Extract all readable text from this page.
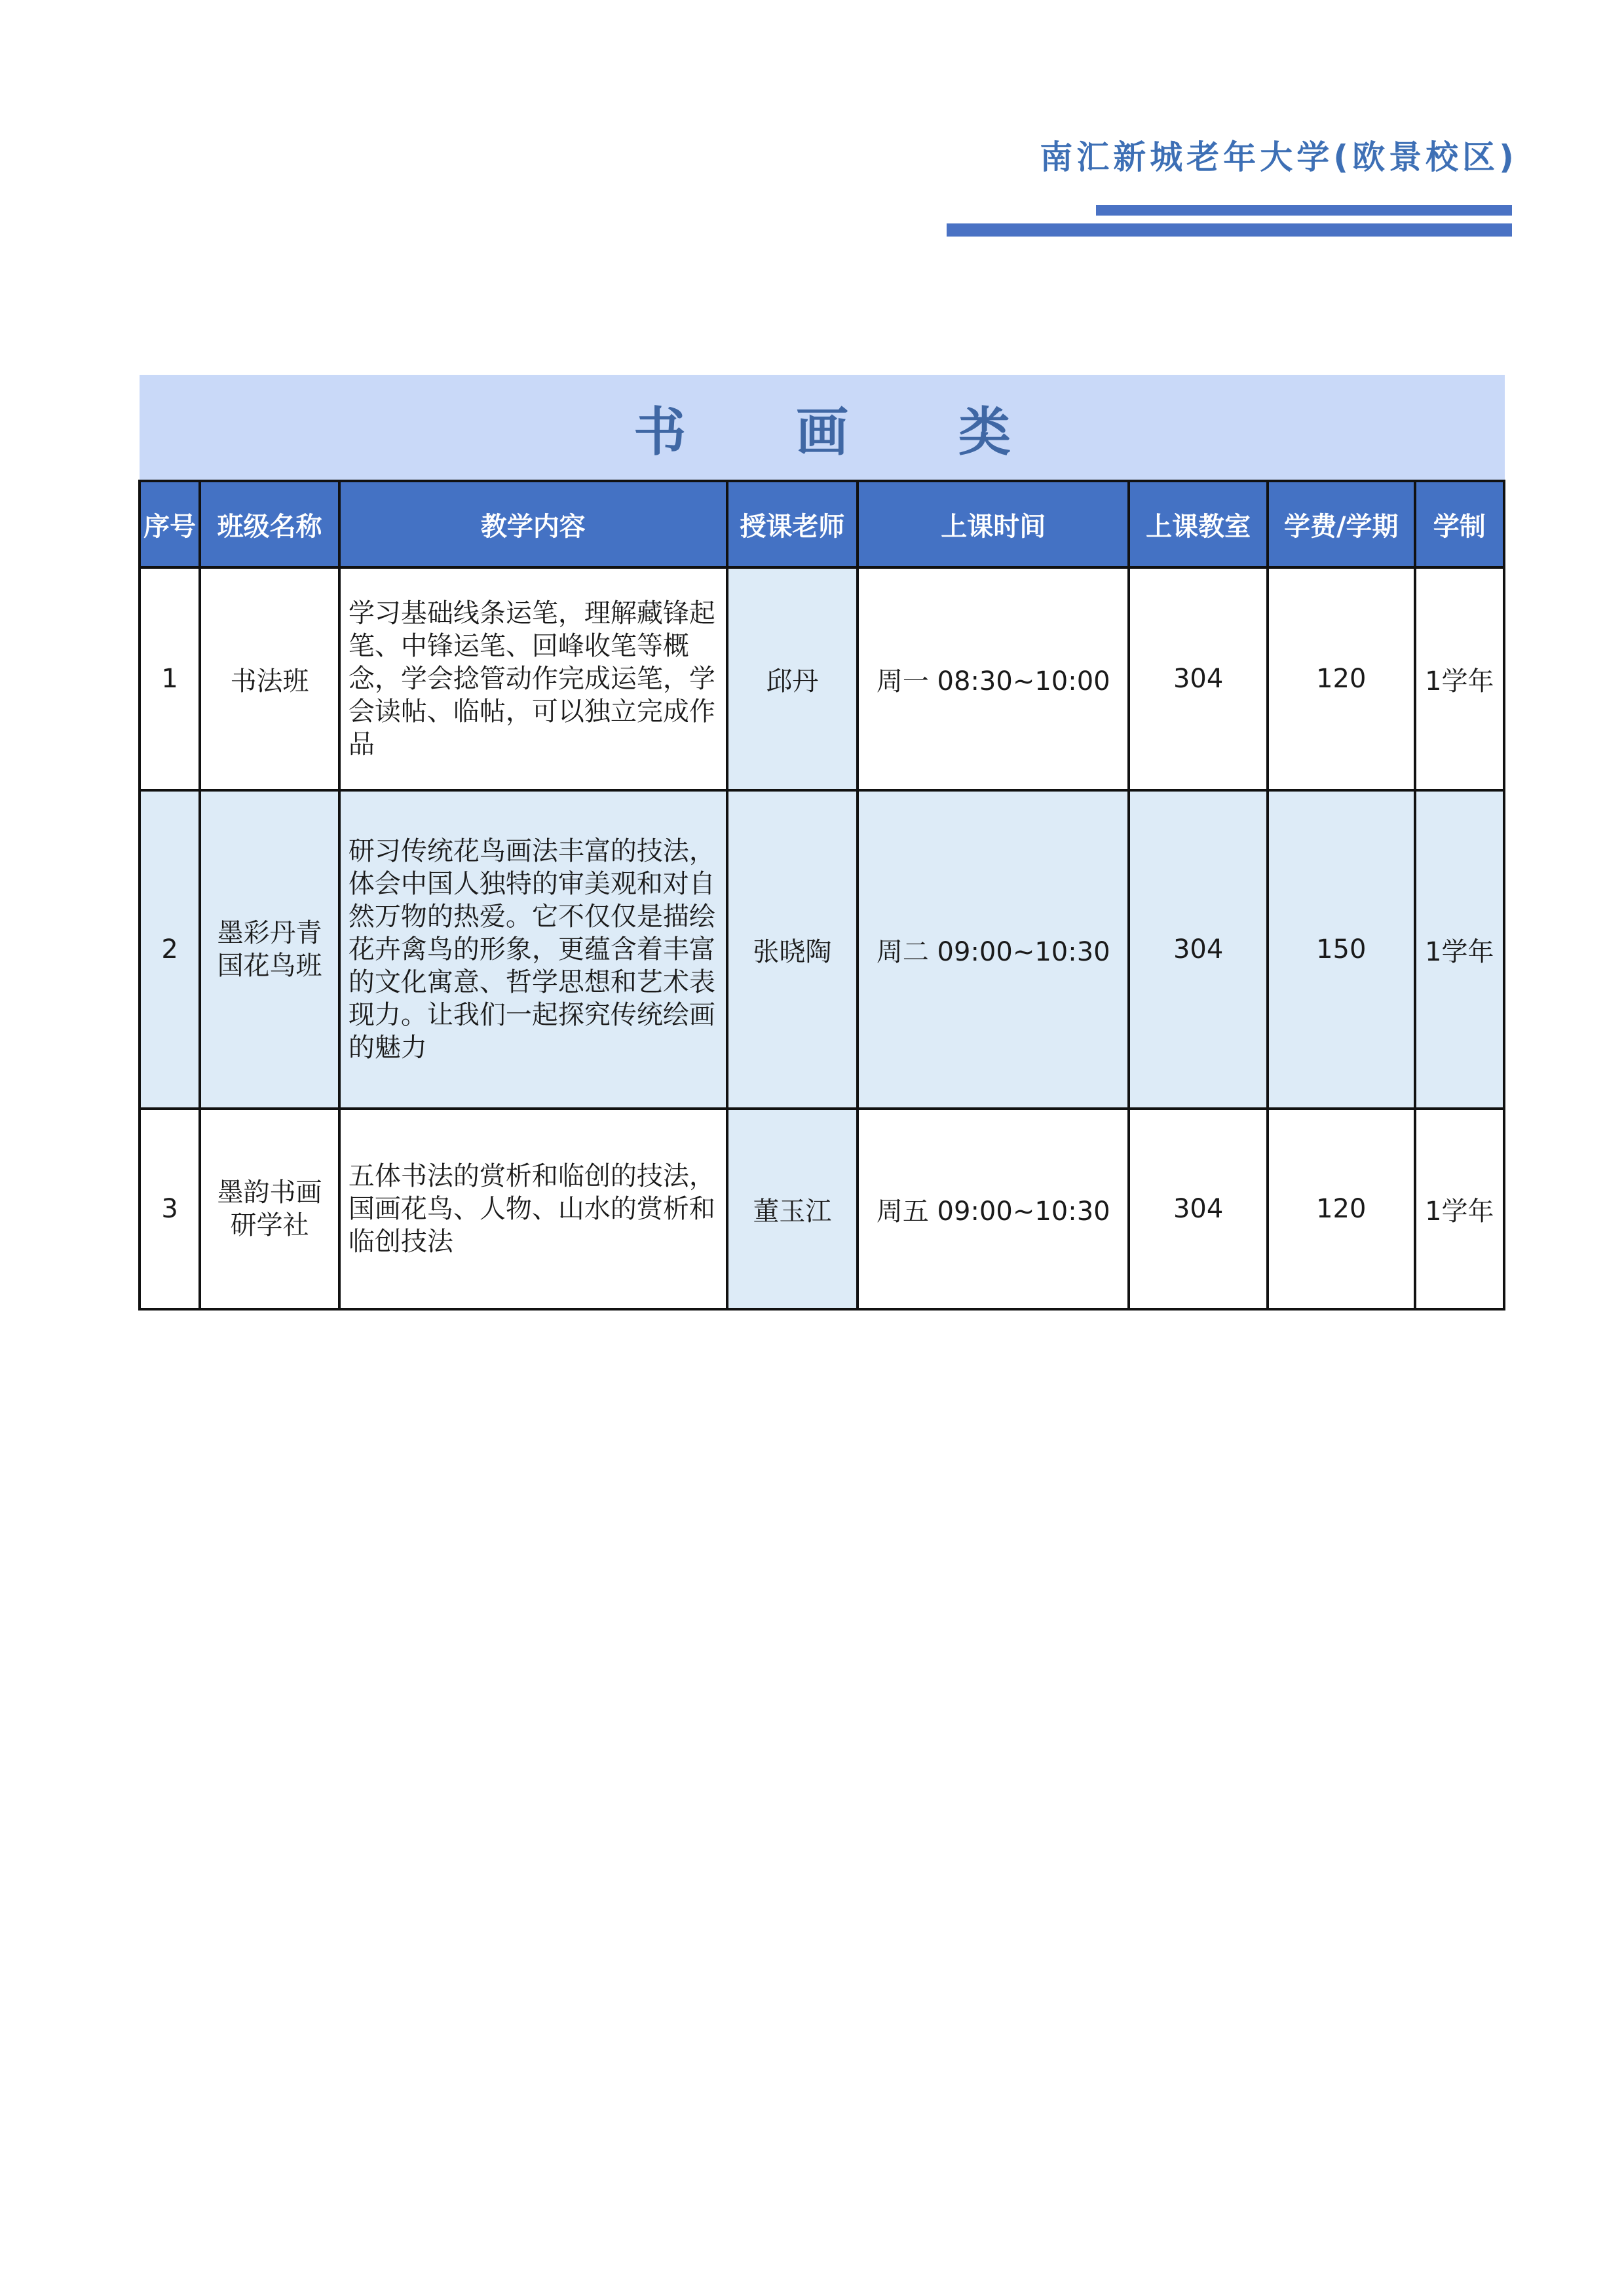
南汇新城老年大学(欧景校区)
书 画 类
序号	班级名称	教学内容	授课老师	上课时间	上课教室	学费/学期	学制
1	书法班	学习基础线条运笔，理解藏锋起笔、中锋运笔、回峰收笔等概念，学会捻管动作完成运笔，学会读帖、临帖，可以独立完成作品	邱丹	周一 08:30~10:00	304	120	1学年
2	墨彩丹青国花鸟班	研习传统花鸟画法丰富的技法，体会中国人独特的审美观和对自然万物的热爱。它不仅仅是描绘花卉禽鸟的形象，更蕴含着丰富的文化寓意、哲学思想和艺术表现力。让我们一起探究传统绘画的魅力	张晓陶	周二 09:00~10:30	304	150	1学年
3	墨韵书画研学社	五体书法的赏析和临创的技法，国画花鸟、人物、山水的赏析和临创技法	董玉江	周五 09:00~10:30	304	120	1学年
